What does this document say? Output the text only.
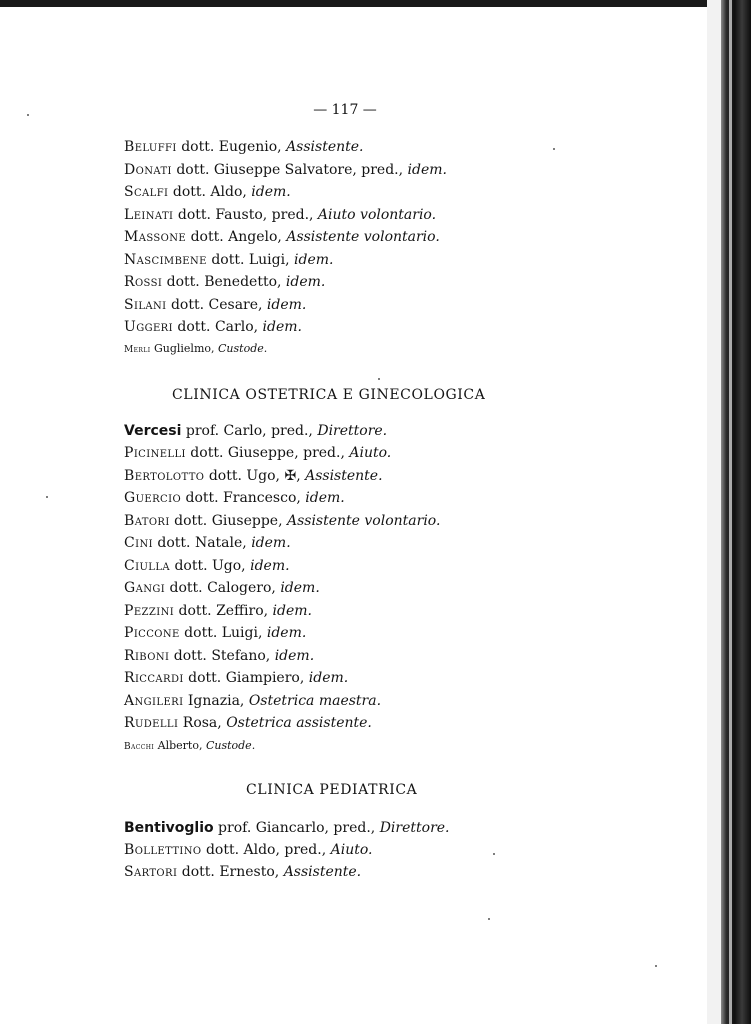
— 117 —
Beluffi dott. Eugenio, Assistente.
Donati dott. Giuseppe Salvatore, pred., idem.
Scalfi dott. Aldo, idem.
Leinati dott. Fausto, pred., Aiuto volontario.
Massone dott. Angelo, Assistente volontario.
Nascimbene dott. Luigi, idem.
Rossi dott. Benedetto, idem.
Silani dott. Cesare, idem.
Uggeri dott. Carlo, idem.
Merli Guglielmo, Custode.
CLINICA OSTETRICA E GINECOLOGICA
Vercesi prof. Carlo, pred., Direttore.
Picinelli dott. Giuseppe, pred., Aiuto.
Bertolotto dott. Ugo, ✠, Assistente.
Guercio dott. Francesco, idem.
Batori dott. Giuseppe, Assistente volontario.
Cini dott. Natale, idem.
Ciulla dott. Ugo, idem.
Gangi dott. Calogero, idem.
Pezzini dott. Zeffiro, idem.
Piccone dott. Luigi, idem.
Riboni dott. Stefano, idem.
Riccardi dott. Giampiero, idem.
Angileri Ignazia, Ostetrica maestra.
Rudelli Rosa, Ostetrica assistente.
Bacchi Alberto, Custode.
CLINICA PEDIATRICA
Bentivoglio prof. Giancarlo, pred., Direttore.
Bollettino dott. Aldo, pred., Aiuto.
Sartori dott. Ernesto, Assistente.
